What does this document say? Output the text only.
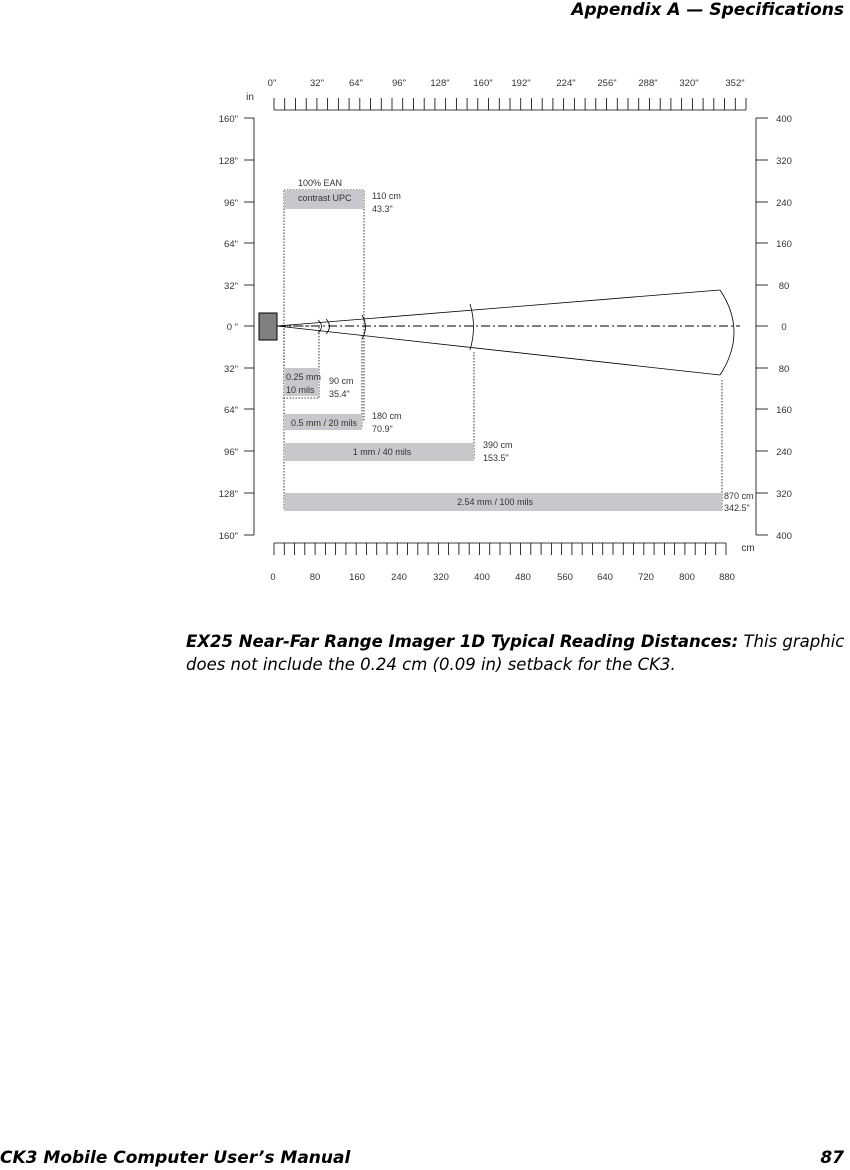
Appendix A — Specifications
0"	32"	64"	96"	128"	160" 192"	224" 256" 288" 320"	352"
in
0	80	160	240	320	400	480	560	640	720	800	880
cm
160"
128"
96"
64"
32"
0 "
32"
64"
96"
128"
160"
400
320
240
160
80
0
80
160
240
320
400
100% EAN
contrast UPC 110 cm
43.3"
0.25 mm
10 mils
90 cm
35.4"
0.5 mm / 20 mils
180 cm
70.9"
1 mm / 40 mils
390 cm
153.5"
2.54 mm / 100 mils
870 cm
342.5"
EX25 Near-Far Range Imager 1D Typical Reading Distances: This graphic does not include the 0.24 cm (0.09 in) setback for the CK3.
CK3 Mobile Computer User’s Manual	87
